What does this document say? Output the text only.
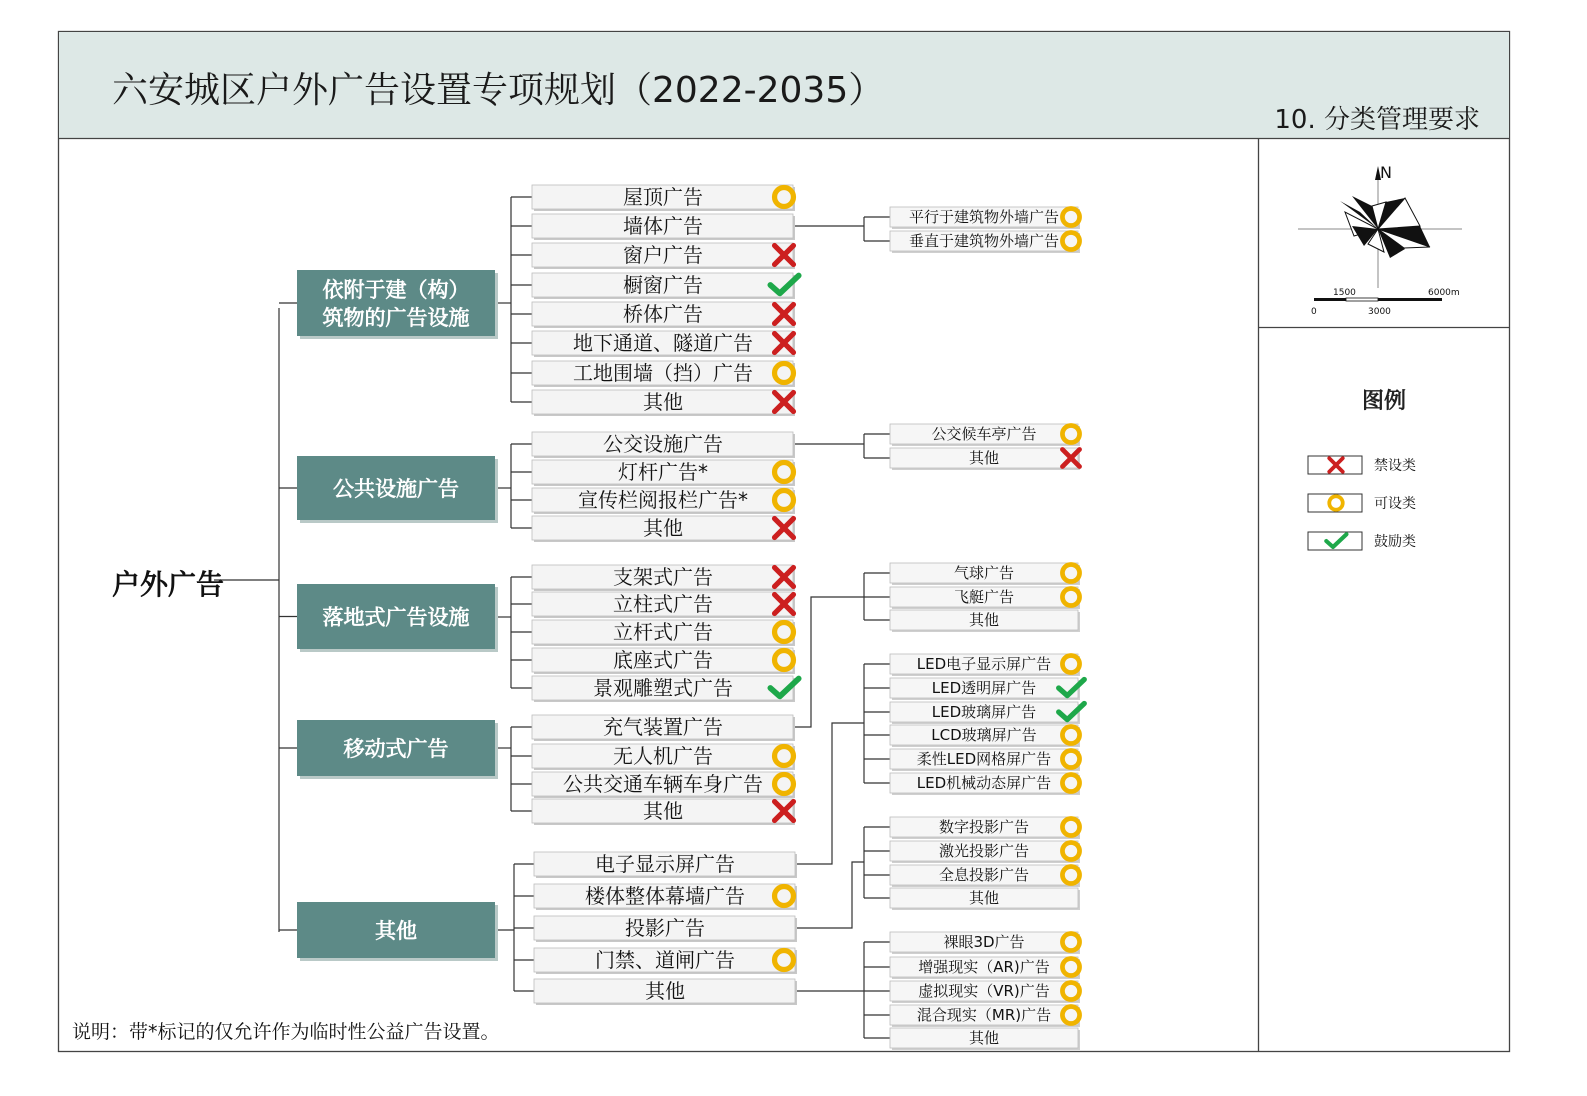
六安城区户外广告设置专项规划（2022-2035）
10. 分类管理要求
N
0
1500
3000
6000m
图例
禁设类
可设类
鼓励类
说明：带*标记的仅允许作为临时性公益广告设置。
户外广告
依附于建（构）
筑物的广告设施
公共设施广告
落地式广告设施
移动式广告
其他
屋顶广告
墙体广告
窗户广告
橱窗广告
桥体广告
地下通道、隧道广告
工地围墙（挡）广告
其他
公交设施广告
灯杆广告*
宣传栏阅报栏广告*
其他
支架式广告
立柱式广告
立杆式广告
底座式广告
景观雕塑式广告
充气装置广告
无人机广告
公共交通车辆车身广告
其他
电子显示屏广告
楼体整体幕墙广告
投影广告
门禁、道闸广告
其他
平行于建筑物外墙广告
垂直于建筑物外墙广告
公交候车亭广告
其他
气球广告
飞艇广告
其他
LED电子显示屏广告
LED透明屏广告
LED玻璃屏广告
LCD玻璃屏广告
柔性LED网格屏广告
LED机械动态屏广告
数字投影广告
激光投影广告
全息投影广告
其他
裸眼3D广告
增强现实（AR)广告
虚拟现实（VR)广告
混合现实（MR)广告
其他
